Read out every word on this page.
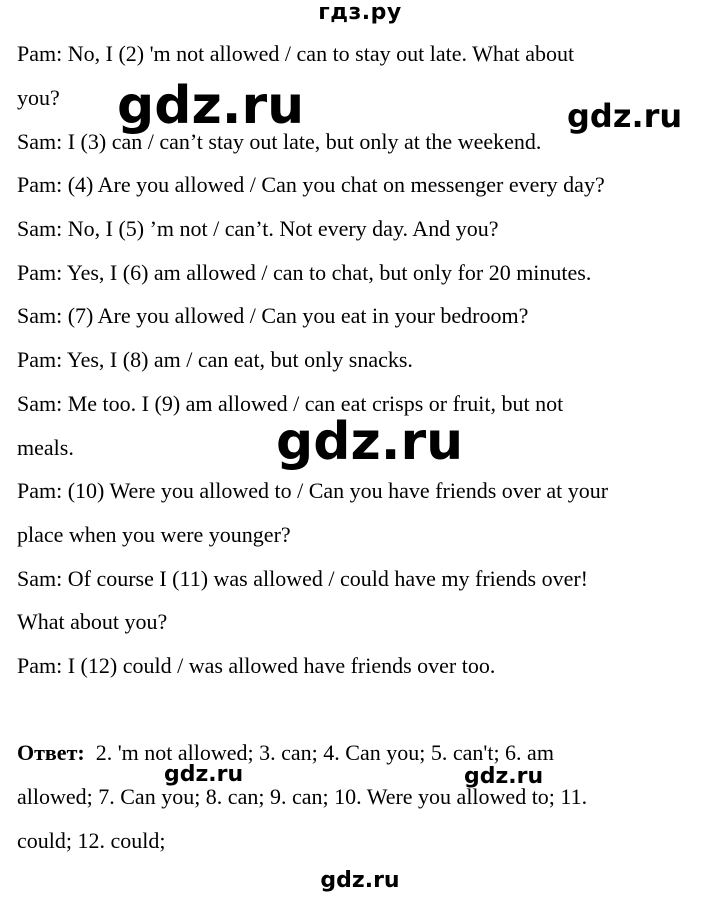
гдз.ру
Pam: No, I (2) 'm not allowed / can to stay out late. What about
you?
Sam: I (3) can / can’t stay out late, but only at the weekend.
Pam: (4) Are you allowed / Can you chat on messenger every day?
Sam: No, I (5) ’m not / can’t. Not every day. And you?
Pam: Yes, I (6) am allowed / can to chat, but only for 20 minutes.
Sam: (7) Are you allowed / Can you eat in your bedroom?
Pam: Yes, I (8) am / can eat, but only snacks.
Sam: Me too. I (9) am allowed / can eat crisps or fruit, but not
meals.
Pam: (10) Were you allowed to / Can you have friends over at your
place when you were younger?
Sam: Of course I (11) was allowed / could have my friends over!
What about you?
Pam: I (12) could / was allowed have friends over too.
Ответ: 2. 'm not allowed; 3. can; 4. Can you; 5. can't; 6. am
allowed; 7. Can you; 8. can; 9. can; 10. Were you allowed to; 11.
could; 12. could;
gdz.ru	gdz.ru
gdz.ru
gdz.ru	gdz.ru
gdz.ru
